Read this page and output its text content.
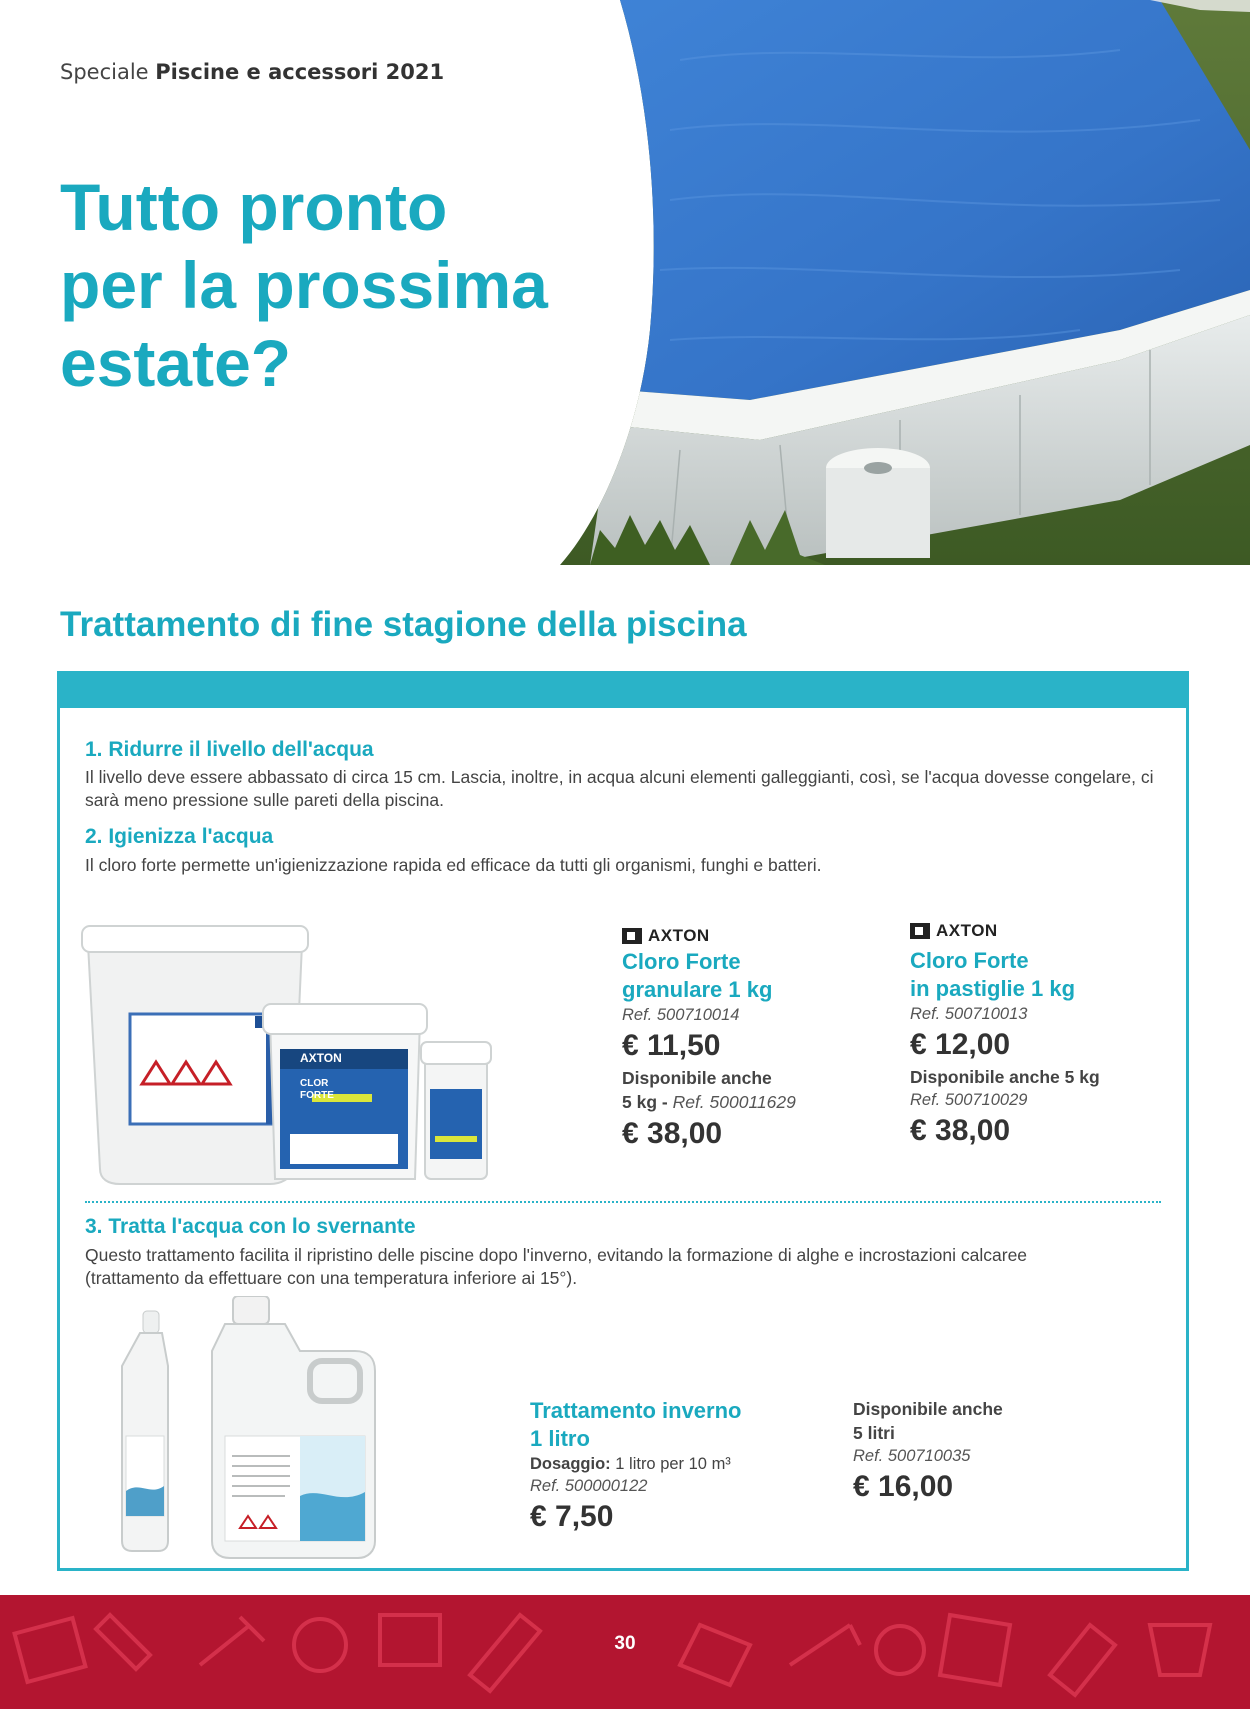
Speciale Piscine e accessori 2021
Tutto pronto
per la prossima
estate?
Trattamento di fine stagione della piscina
1. Ridurre il livello dell'acqua
Il livello deve essere abbassato di circa 15 cm. Lascia, inoltre, in acqua alcuni elementi galleggianti, così, se l'acqua dovesse congelare, ci sarà meno pressione sulle pareti della piscina.
2. Igienizza l'acqua
Il cloro forte permette un'igienizzazione rapida ed efficace da tutti gli organismi, funghi e batteri.
AXTON
CLOR
FORTE
AXTON
Cloro Forte
granulare 1 kg
Ref. 500710014
€ 11,50
Disponibile anche
5 kg - Ref. 500011629
€ 38,00
AXTON
Cloro Forte
in pastiglie 1 kg
Ref. 500710013
€ 12,00
Disponibile anche 5 kg
Ref. 500710029
€ 38,00
3. Tratta l'acqua con lo svernante
Questo trattamento facilita il ripristino delle piscine dopo l'inverno, evitando la formazione di alghe e incrostazioni calcaree
(trattamento da effettuare con una temperatura inferiore ai 15°).
Trattamento inverno
1 litro
Dosaggio: 1 litro per 10 m³
Ref. 500000122
€ 7,50
Disponibile anche
5 litri
Ref. 500710035
€ 16,00
30
